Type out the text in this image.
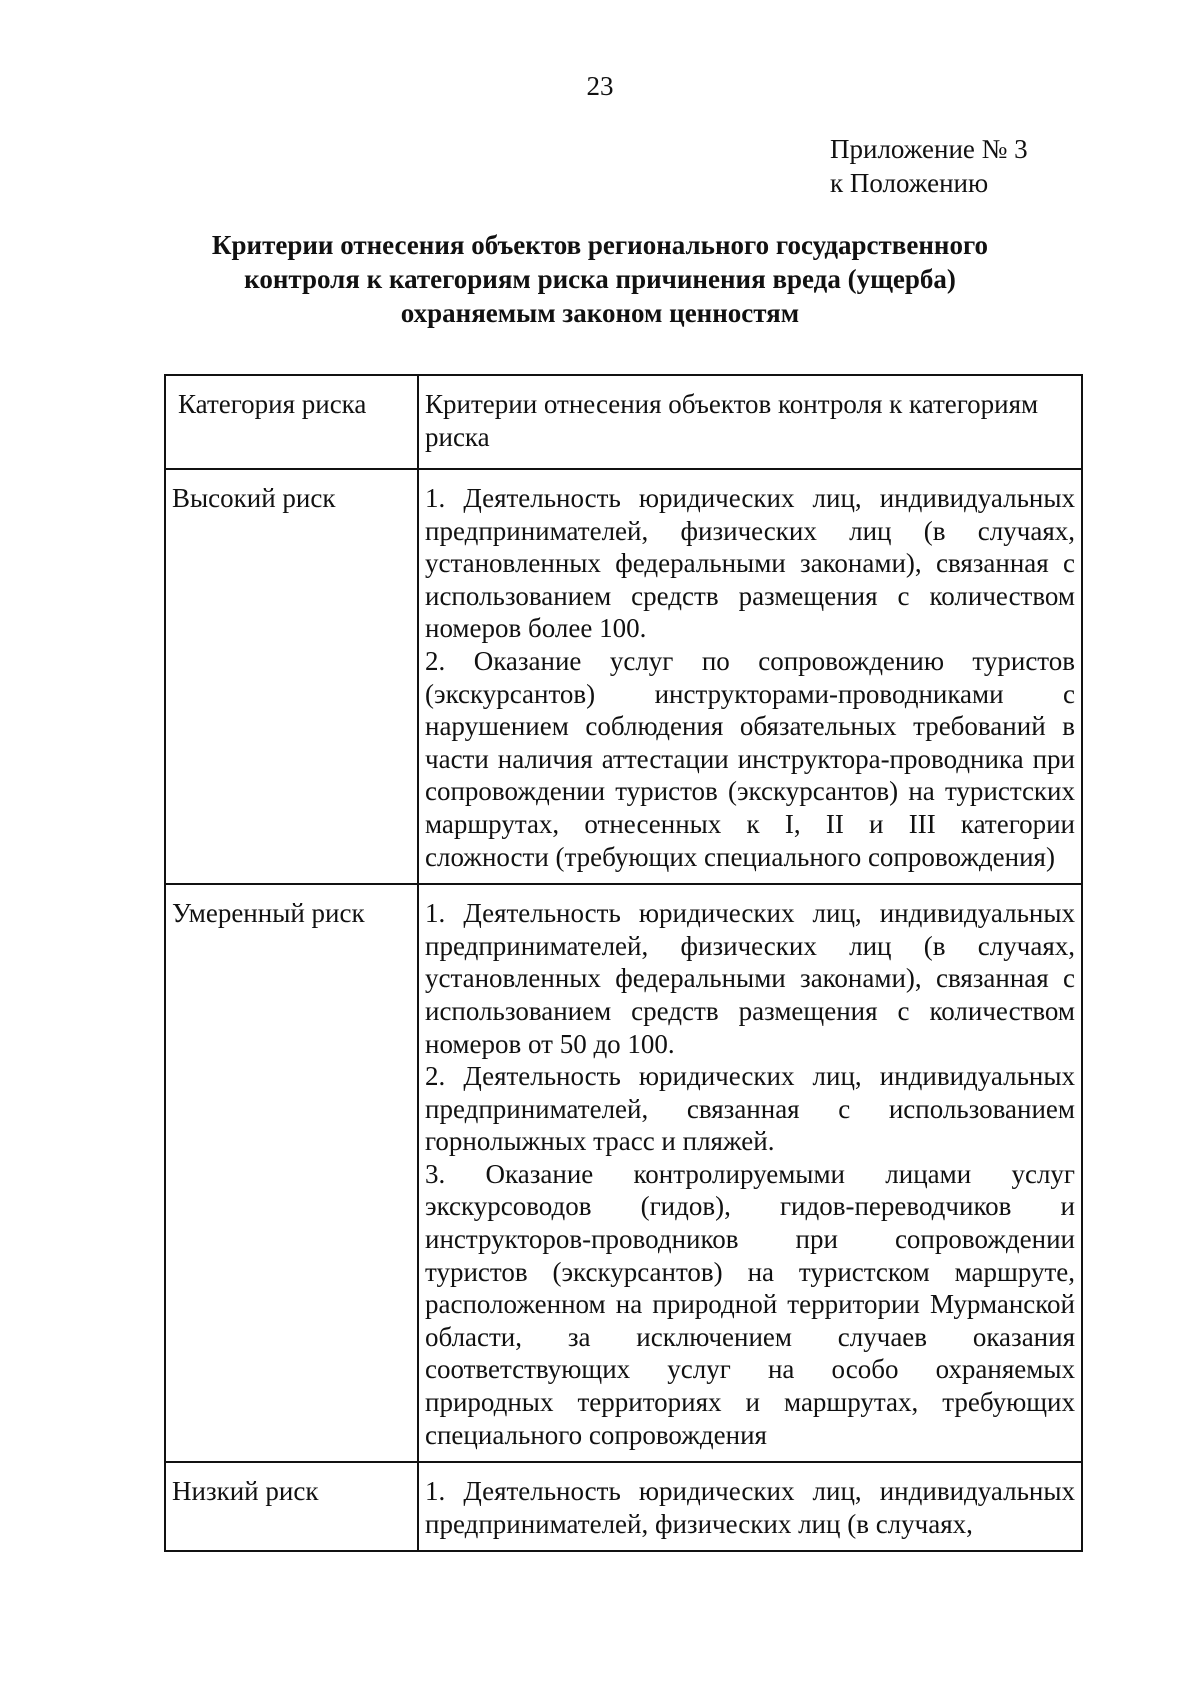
23
Приложение № 3
к Положению
Критерии отнесения объектов регионального государственного
контроля к категориям риска причинения вреда (ущерба)
охраняемым законом ценностям
Категория риска	Критерии отнесения объектов контроля к категориям риска
Высокий риск	1. Деятельность юридических лиц, индивидуальных предпринимателей, физических лиц (в случаях, установленных федеральными законами), связанная с использованием средств размещения с количеством номеров более 100.
2. Оказание услуг по сопровождению туристов (экскурсантов) инструкторами-проводниками с нарушением соблюдения обязательных требований в части наличия аттестации инструктора-проводника при сопровождении туристов (экскурсантов) на туристских маршрутах, отнесенных к I, II и III категории сложности (требующих специального сопровождения)

Умеренный риск	1. Деятельность юридических лиц, индивидуальных предпринимателей, физических лиц (в случаях, установленных федеральными законами), связанная с использованием средств размещения с количеством номеров от 50 до 100.
2. Деятельность юридических лиц, индивидуальных предпринимателей, связанная с использованием горнолыжных трасс и пляжей.
3. Оказание контролируемыми лицами услуг экскурсоводов (гидов), гидов-переводчиков и инструкторов-проводников при сопровождении туристов (экскурсантов) на туристском маршруте, расположенном на природной территории Мурманской области, за исключением случаев оказания соответствующих услуг на особо охраняемых природных территориях и маршрутах, требующих специального сопровождения

Низкий риск	1. Деятельность юридических лиц, индивидуальных предпринимателей, физических лиц (в случаях,
